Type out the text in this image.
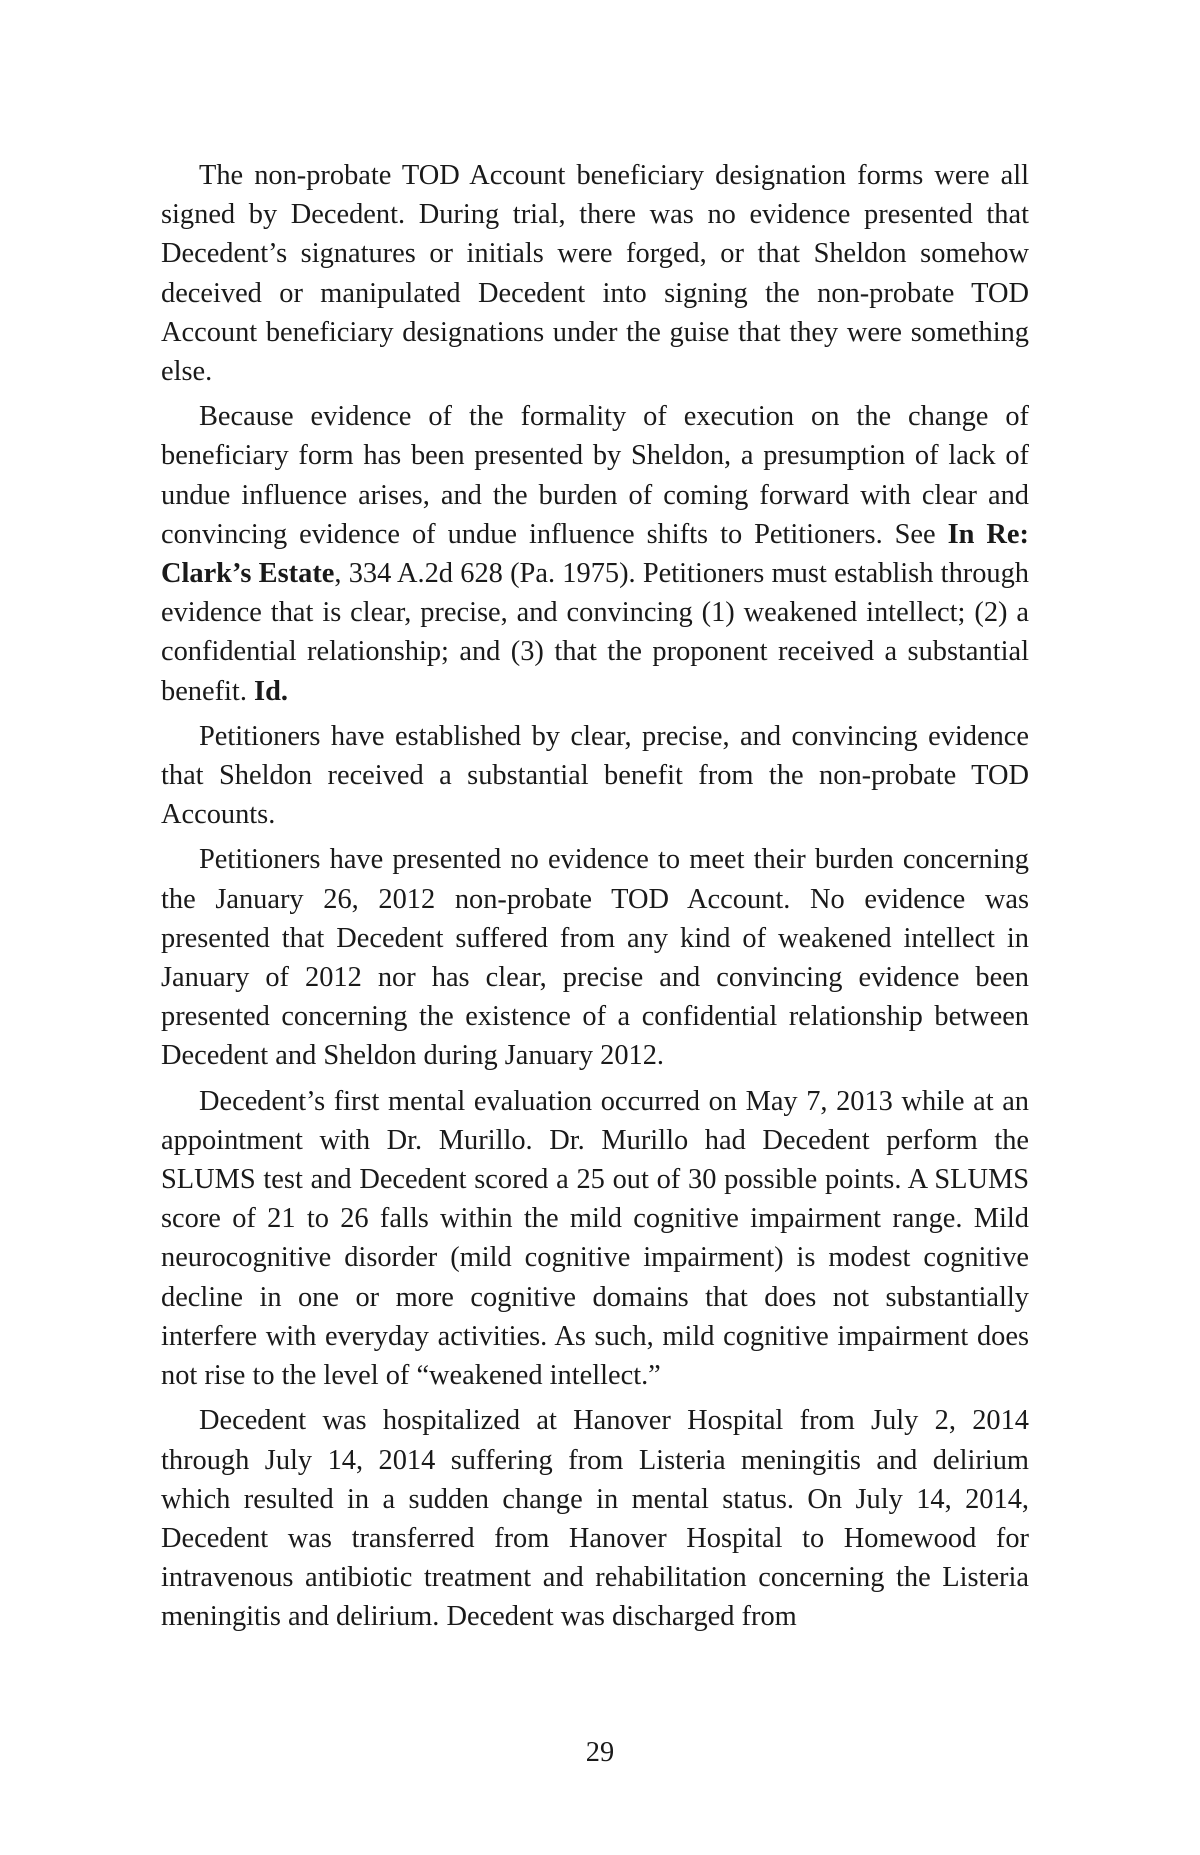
The non-probate TOD Account beneficiary designation forms were all signed by Decedent. During trial, there was no evidence presented that Decedent’s signatures or initials were forged, or that Sheldon somehow deceived or manipulated Decedent into signing the non-probate TOD Account beneficiary designations under the guise that they were something else.

Because evidence of the formality of execution on the change of beneficiary form has been presented by Sheldon, a presumption of lack of undue influence arises, and the burden of coming forward with clear and convincing evidence of undue influence shifts to Petitioners. See In Re: Clark’s Estate, 334 A.2d 628 (Pa. 1975). Petitioners must establish through evidence that is clear, precise, and convincing (1) weakened intellect; (2) a confidential relationship; and (3) that the proponent received a substantial benefit. Id.

Petitioners have established by clear, precise, and convincing evidence that Sheldon received a substantial benefit from the non-probate TOD Accounts.

Petitioners have presented no evidence to meet their burden concerning the January 26, 2012 non-probate TOD Account. No evidence was presented that Decedent suffered from any kind of weakened intellect in January of 2012 nor has clear, precise and convincing evidence been presented concerning the existence of a confidential relationship between Decedent and Sheldon during January 2012.

Decedent’s first mental evaluation occurred on May 7, 2013 while at an appointment with Dr. Murillo. Dr. Murillo had Decedent perform the SLUMS test and Decedent scored a 25 out of 30 possible points. A SLUMS score of 21 to 26 falls within the mild cognitive impairment range. Mild neurocognitive disorder (mild cognitive impairment) is modest cognitive decline in one or more cognitive domains that does not substantially interfere with everyday activities. As such, mild cognitive impairment does not rise to the level of “weakened intellect.”

Decedent was hospitalized at Hanover Hospital from July 2, 2014 through July 14, 2014 suffering from Listeria meningitis and delirium which resulted in a sudden change in mental status. On July 14, 2014, Decedent was transferred from Hanover Hospital to Homewood for intravenous antibiotic treatment and rehabilitation concerning the Listeria meningitis and delirium. Decedent was discharged from

29
